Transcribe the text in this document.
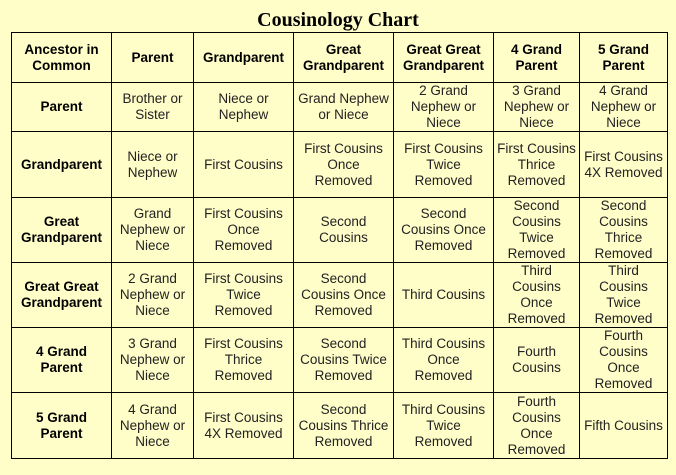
Cousinology Chart
Ancestor in Common	Parent	Grandparent	Great Grandparent	Great Great Grandparent	4 Grand Parent	5 Grand Parent
Parent	Brother or Sister	Niece or Nephew	Grand Nephew or Niece	2 Grand Nephew or Niece	3 Grand Nephew or Niece	4 Grand Nephew or Niece
Grandparent	Niece or Nephew	First Cousins	First Cousins Once Removed	First Cousins Twice Removed	First Cousins Thrice Removed	First Cousins 4X Removed
Great Grandparent	Grand Nephew or Niece	First Cousins Once Removed	Second Cousins	Second Cousins Once Removed	Second Cousins Twice Removed	Second Cousins Thrice Removed
Great Great Grandparent	2 Grand Nephew or Niece	First Cousins Twice Removed	Second Cousins Once Removed	Third Cousins	Third Cousins Once Removed	Third Cousins Twice Removed
4 Grand Parent	3 Grand Nephew or Niece	First Cousins Thrice Removed	Second Cousins Twice Removed	Third Cousins Once Removed	Fourth Cousins	Fourth Cousins Once Removed
5 Grand Parent	4 Grand Nephew or Niece	First Cousins 4X Removed	Second Cousins Thrice Removed	Third Cousins Twice Removed	Fourth Cousins Once Removed	Fifth Cousins
